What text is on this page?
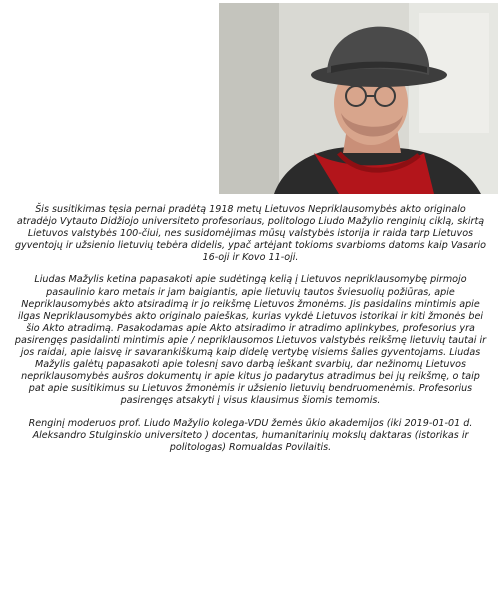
Šis susitikimas tęsia pernai pradėtą 1918 metų Lietuvos Nepriklausomybės akto originalo atradėjo Vytauto Didžiojo universiteto profesoriaus, politologo Liudo Mažylio renginių ciklą, skirtą Lietuvos valstybės 100-čiui, nes susidomėjimas mūsų valstybės istorija ir raida tarp Lietuvos gyventojų ir užsienio lietuvių tebėra didelis, ypač artėjant tokioms svarbioms datoms kaip Vasario 16-oji ir Kovo 11-oji.

Liudas Mažylis ketina papasakoti apie sudėtingą kelią į Lietuvos nepriklausomybę pirmojo pasaulinio karo metais ir jam baigiantis, apie lietuvių tautos šviesuolių požiūras, apie Nepriklausomybės akto atsiradimą ir jo reikšmę Lietuvos žmonėms. Jis pasidalins mintimis apie ilgas Nepriklausomybės akto originalo paieškas, kurias vykdė Lietuvos istorikai ir kiti žmonės bei šio Akto atradimą. Pasakodamas apie Akto atsiradimo ir atradimo aplinkybes, profesorius yra pasirengęs pasidalinti mintimis apie / nepriklausomos Lietuvos valstybės reikšmę lietuvių tautai ir jos raidai, apie laisvę ir savarankiškumą kaip didelę vertybę visiems šalies gyventojams. Liudas Mažylis galėtų papasakoti apie tolesnį savo darbą ieškant svarbių, dar nežinomų Lietuvos nepriklausomybės aušros dokumentų ir apie kitus jo padarytus atradimus bei jų reikšmę, o taip pat apie susitikimus su Lietuvos žmonėmis ir užsienio lietuvių bendruomenėmis. Profesorius pasirengęs atsakyti į visus klausimus šiomis temomis.

Renginį moderuos prof. Liudo Mažylio kolega-VDU žemės ūkio akademijos (iki 2019-01-01 d. Aleksandro Stulginskio universiteto ) docentas, humanitarinių mokslų daktaras (istorikas ir politologas) Romualdas Povilaitis.
